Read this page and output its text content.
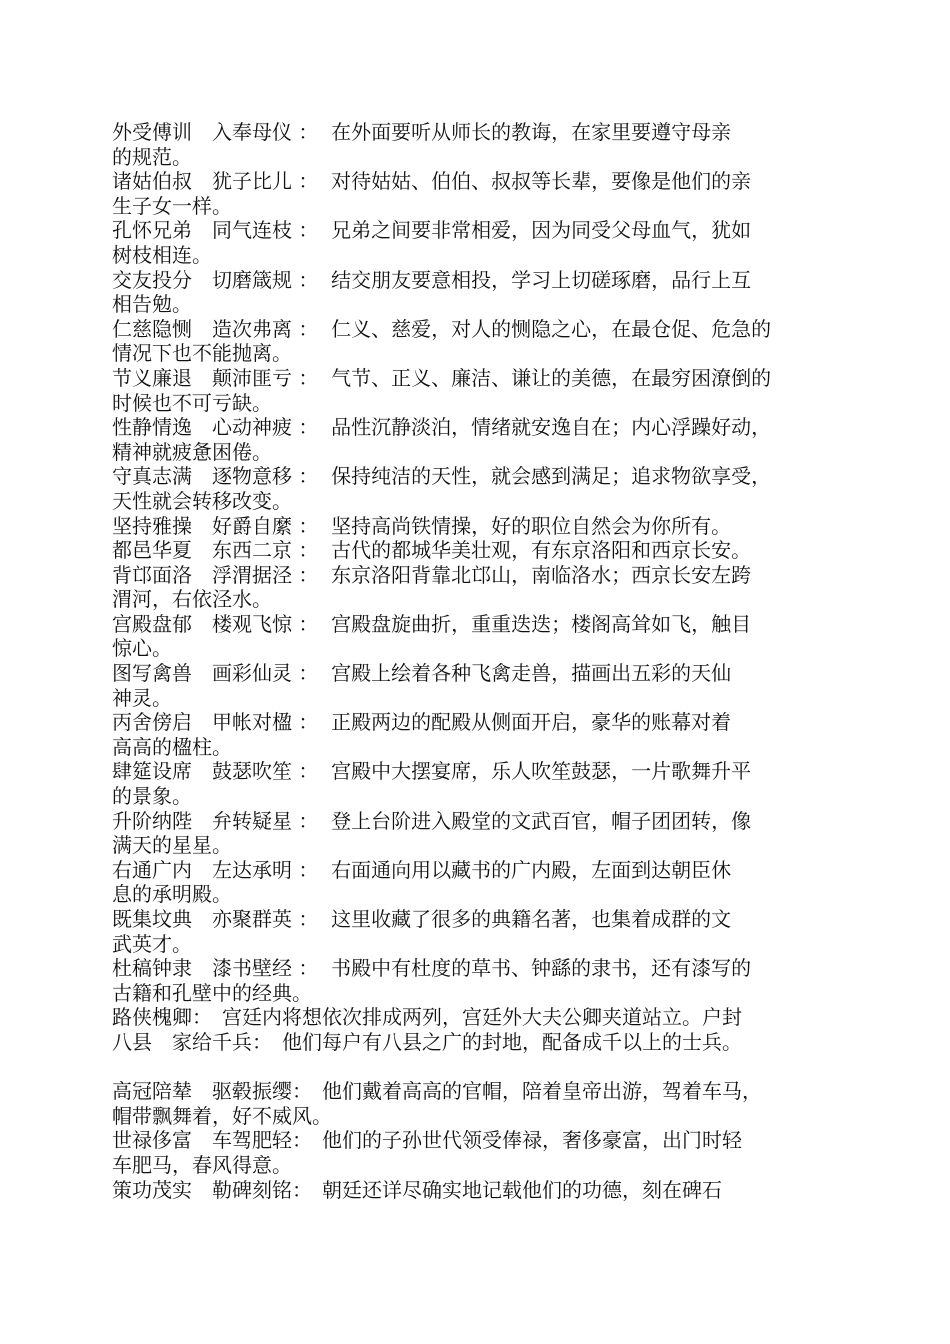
外受傅训　入奉母仪 ：  在外面要听从师长的教诲，在家里要遵守母亲
的规范。
诸姑伯叔　犹子比儿 ：  对待姑姑、伯伯、叔叔等长辈，要像是他们的亲
生子女一样。
孔怀兄弟　同气连枝 ：  兄弟之间要非常相爱，因为同受父母血气，犹如
树枝相连。
交友投分　切磨箴规 ：  结交朋友要意相投，学习上切磋琢磨，品行上互
相告勉。
仁慈隐恻　造次弗离 ：  仁义、慈爱，对人的恻隐之心，在最仓促、危急的
情况下也不能抛离。
节义廉退　颠沛匪亏 ：  气节、正义、廉洁、谦让的美德，在最穷困潦倒的
时候也不可亏缺。
性静情逸　心动神疲 ：  品性沉静淡泊，情绪就安逸自在；内心浮躁好动，
精神就疲惫困倦。
守真志满　逐物意移 ：  保持纯洁的天性，就会感到满足；追求物欲享受，
天性就会转移改变。
坚持雅操　好爵自縻 ：  坚持高尚铁情操，好的职位自然会为你所有。
都邑华夏　东西二京 ：  古代的都城华美壮观，有东京洛阳和西京长安。
背邙面洛　浮渭据泾 ：  东京洛阳背靠北邙山，南临洛水；西京长安左跨
渭河，右依泾水。
宫殿盘郁　楼观飞惊 ：  宫殿盘旋曲折，重重迭迭；楼阁高耸如飞，触目
惊心。
图写禽兽　画彩仙灵 ：  宫殿上绘着各种飞禽走兽，描画出五彩的天仙
神灵。
丙舍傍启　甲帐对楹 ：  正殿两边的配殿从侧面开启，豪华的账幕对着
高高的楹柱。
肆筵设席　鼓瑟吹笙 ：  宫殿中大摆宴席，乐人吹笙鼓瑟，一片歌舞升平
的景象。
升阶纳陛　弁转疑星 ：  登上台阶进入殿堂的文武百官，帽子团团转，像
满天的星星。
右通广内　左达承明 ：  右面通向用以藏书的广内殿，左面到达朝臣休
息的承明殿。
既集坟典　亦聚群英 ：  这里收藏了很多的典籍名著，也集着成群的文
武英才。
杜稿钟隶　漆书壁经 ：  书殿中有杜度的草书、钟繇的隶书，还有漆写的
古籍和孔壁中的经典。
路侠槐卿：　宫廷内将想依次排成两列，宫廷外大夫公卿夹道站立。户封
八县　家给千兵：　他们每户有八县之广的封地，配备成千以上的士兵。
高冠陪辇　驱毂振缨：　他们戴着高高的官帽，陪着皇帝出游，驾着车马，
帽带飘舞着，好不威风。
世禄侈富　车驾肥轻：　他们的子孙世代领受俸禄，奢侈豪富，出门时轻
车肥马，春风得意。
策功茂实　勒碑刻铭：　朝廷还详尽确实地记载他们的功德，刻在碑石
